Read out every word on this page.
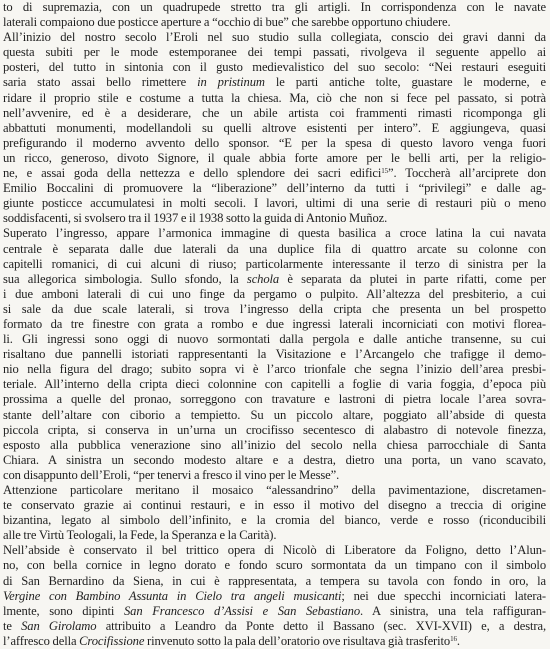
to di supremazia, con un quadrupede stretto tra gli artigli. In corrispondenza con le navate
laterali compaiono due posticce aperture a “occhio di bue” che sarebbe opportuno chiudere.
All’inizio del nostro secolo l’Eroli nel suo studio sulla collegiata, conscio dei gravi danni da
questa subiti per le mode estemporanee dei tempi passati, rivolgeva il seguente appello ai
posteri, del tutto in sintonia con il gusto medievalistico del suo secolo: “Nei restauri eseguiti
saria stato assai bello rimettere in pristinum le parti antiche tolte, guastare le moderne, e
ridare il proprio stile e costume a tutta la chiesa. Ma, ciò che non si fece pel passato, si potrà
nell’avvenire, ed è a desiderare, che un abile artista coi frammenti rimasti ricomponga gli
abbattuti monumenti, modellandoli su quelli altrove esistenti per intero”. E aggiungeva, quasi
prefigurando il moderno avvento dello sponsor. “E per la spesa di questo lavoro venga fuori
un ricco, generoso, divoto Signore, il quale abbia forte amore per le belli arti, per la religio-
ne, e assai goda della nettezza e dello splendore dei sacri edifici$^{15}$”. Toccherà all’arciprete don
Emilio Boccalini di promuovere la “liberazione” dell’interno da tutti i “privilegi” e dalle ag-
giunte posticce accumulatesi in molti secoli. I lavori, ultimi di una serie di restauri più o meno
soddisfacenti, si svolsero tra il 1937 e il 1938 sotto la guida di Antonio Muñoz.
Superato l’ingresso, appare l’armonica immagine di questa basilica a croce latina la cui navata
centrale è separata dalle due laterali da una duplice fila di quattro arcate su colonne con
capitelli romanici, di cui alcuni di riuso; particolarmente interessante il terzo di sinistra per la
sua allegorica simbologia. Sullo sfondo, la schola è separata da plutei in parte rifatti, come per
i due amboni laterali di cui uno finge da pergamo o pulpito. All’altezza del presbiterio, a cui
si sale da due scale laterali, si trova l’ingresso della cripta che presenta un bel prospetto
formato da tre finestre con grata a rombo e due ingressi laterali incorniciati con motivi florea-
li. Gli ingressi sono oggi di nuovo sormontati dalla pergola e dalle antiche transenne, su cui
risaltano due pannelli istoriati rappresentanti la Visitazione e l’Arcangelo che trafigge il demo-
nio nella figura del drago; subito sopra vi è l’arco trionfale che segna l’inizio dell’area presbi-
teriale. All’interno della cripta dieci colonnine con capitelli a foglie di varia foggia, d’epoca più
prossima a quelle del pronao, sorreggono con travature e lastroni di pietra locale l’area sovra-
stante dell’altare con ciborio a tempietto. Su un piccolo altare, poggiato all’abside di questa
piccola cripta, si conserva in un’urna un crocifisso secentesco di alabastro di notevole finezza,
esposto alla pubblica venerazione sino all’inizio del secolo nella chiesa parrocchiale di Santa
Chiara. A sinistra un secondo modesto altare e a destra, dietro una porta, un vano scavato,
con disappunto dell’Eroli, “per tenervi a fresco il vino per le Messe”.
Attenzione particolare meritano il mosaico “alessandrino” della pavimentazione, discretamen-
te conservato grazie ai continui restauri, e in esso il motivo del disegno a treccia di origine
bizantina, legato al simbolo dell’infinito, e la cromia del bianco, verde e rosso (riconducibili
alle tre Virtù Teologali, la Fede, la Speranza e la Carità).
Nell’abside è conservato il bel trittico opera di Nicolò di Liberatore da Foligno, detto l’Alun-
no, con bella cornice in legno dorato e fondo scuro sormontata da un timpano con il simbolo
di San Bernardino da Siena, in cui è rappresentata, a tempera su tavola con fondo in oro, la
Vergine con Bambino Assunta in Cielo tra angeli musicanti; nei due specchi incorniciati latera-
lmente, sono dipinti San Francesco d’Assisi e San Sebastiano. A sinistra, una tela raffiguran-
te San Girolamo attribuito a Leandro da Ponte detto il Bassano (sec. XVI-XVII) e, a destra,
l’affresco della Crocifissione rinvenuto sotto la pala dell’oratorio ove risultava già trasferito$^{16}$.
